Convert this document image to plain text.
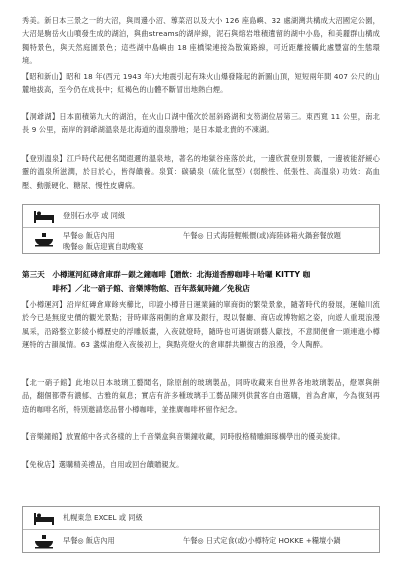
秀美。新日本三景之一的大沼，與周邊小沼、蓴菜沼以及大小 126 座島嶼、32 處湖灣共構成大沼國定公園，大沼是駒岳火山噴發生成的湖泊，與曲streams的湖岸線，泥石與熔岩堆積遺留的湖中小島，和美麗群山構成獨特景色，與天然庭園景色；這些湖中島嶼由 18 座橋梁連接為散策路線，可近距離接觸此處豐富的生態環境。

【昭和新山】昭和 18 年(西元 1943 年)大地震引起有珠火山爆發隆起的新圖山頂，短短兩年間 407 公尺的山麓地拔高，至今仍在成長中；紅褐色的山體不斷冒出地熱白煙。

【洞爺湖】日本面積第九大的湖泊，在火山口湖中僅次於屈斜路湖和支笏湖位居第三。東西寬 11 公里，南北長 9 公里，南岸的洞爺湖溫泉是北海道的溫泉勝地；是日本最北貴的不凍湖。

【登別溫泉】江戶時代起便名聞遐邇的溫泉地，著名的地獄谷座落於此，一邊欣賞登別景觀，一邊被能舒緩心靈的溫泉所滋潤，於目於心，皆得饋養。泉質：碳磺泉（硫化氫型）(弱酸性、低張性、高溫泉) 功效：高血壓、動脈硬化、糖尿、慢性皮膚病。

登別石水亭 或 同級
早餐◎ 飯店內用	午餐◎ 日式海陸輕帳價(或)海陸砵箱火鍋套餐放題
晚餐◎ 飯店迎賓自助晚宴

第三天　小樽運河紅磚倉庫群－銀之鐘咖啡【贈飲：北海道香醇咖啡＋哈囉 KITTY 咖

　　　　啡杯】／北一硝子館、音樂博物館、百年蒸氣時鐘／免稅店

【小樽運河】沿岸紅磚倉庫餘夾櫛比，印證小樽昔日運業鋪的單商街的繁榮景象，隨著時代的發展，運輸川流於今已是無度史價的觀光景點；昔時庫落兩側的倉庫及銀行，現以餐廳、商店或博物館之姿，向遊人重現浪漫風采，沿路整立影綾小樽歷史的浮雕版畫，入夜就燈時，隨時也可遇街頭藝人獻技，不意間便會一頭連進小樽運特的古韻風情。63 盞煤油燈入夜後初上，與點亮燈火的倉庫群共顯復古的浪漫，令人陶醉。

【北一硝子館】此地以日本玻璃工藝聞名，除原創的玻璃製品，同時收藏來自世界各地玻璃製品，燈罩與餅品，翻個都帶有濃郁、古雅的氣息；實店有許多種玻璃手工藝品陳列供賞客自由選購，首為倉庫，今為復刻再造的咖啡名所，特別邀請您品嘗小樽咖啡，並推廣咖啡杯留作紀念。

【音樂鐘館】放置館中各式各樣的上千音樂盒與音樂鐘收藏，同時殷格精雕細琢構學出的優美旋律。

【免稅店】選購精美禮品，自用或回台饋贈親友。

札幌東急 EXCEL 或 同級
早餐◎ 飯店內用	午餐◎ 日式定食(或)小樽特定 HOKKE +糧壇小鍋
